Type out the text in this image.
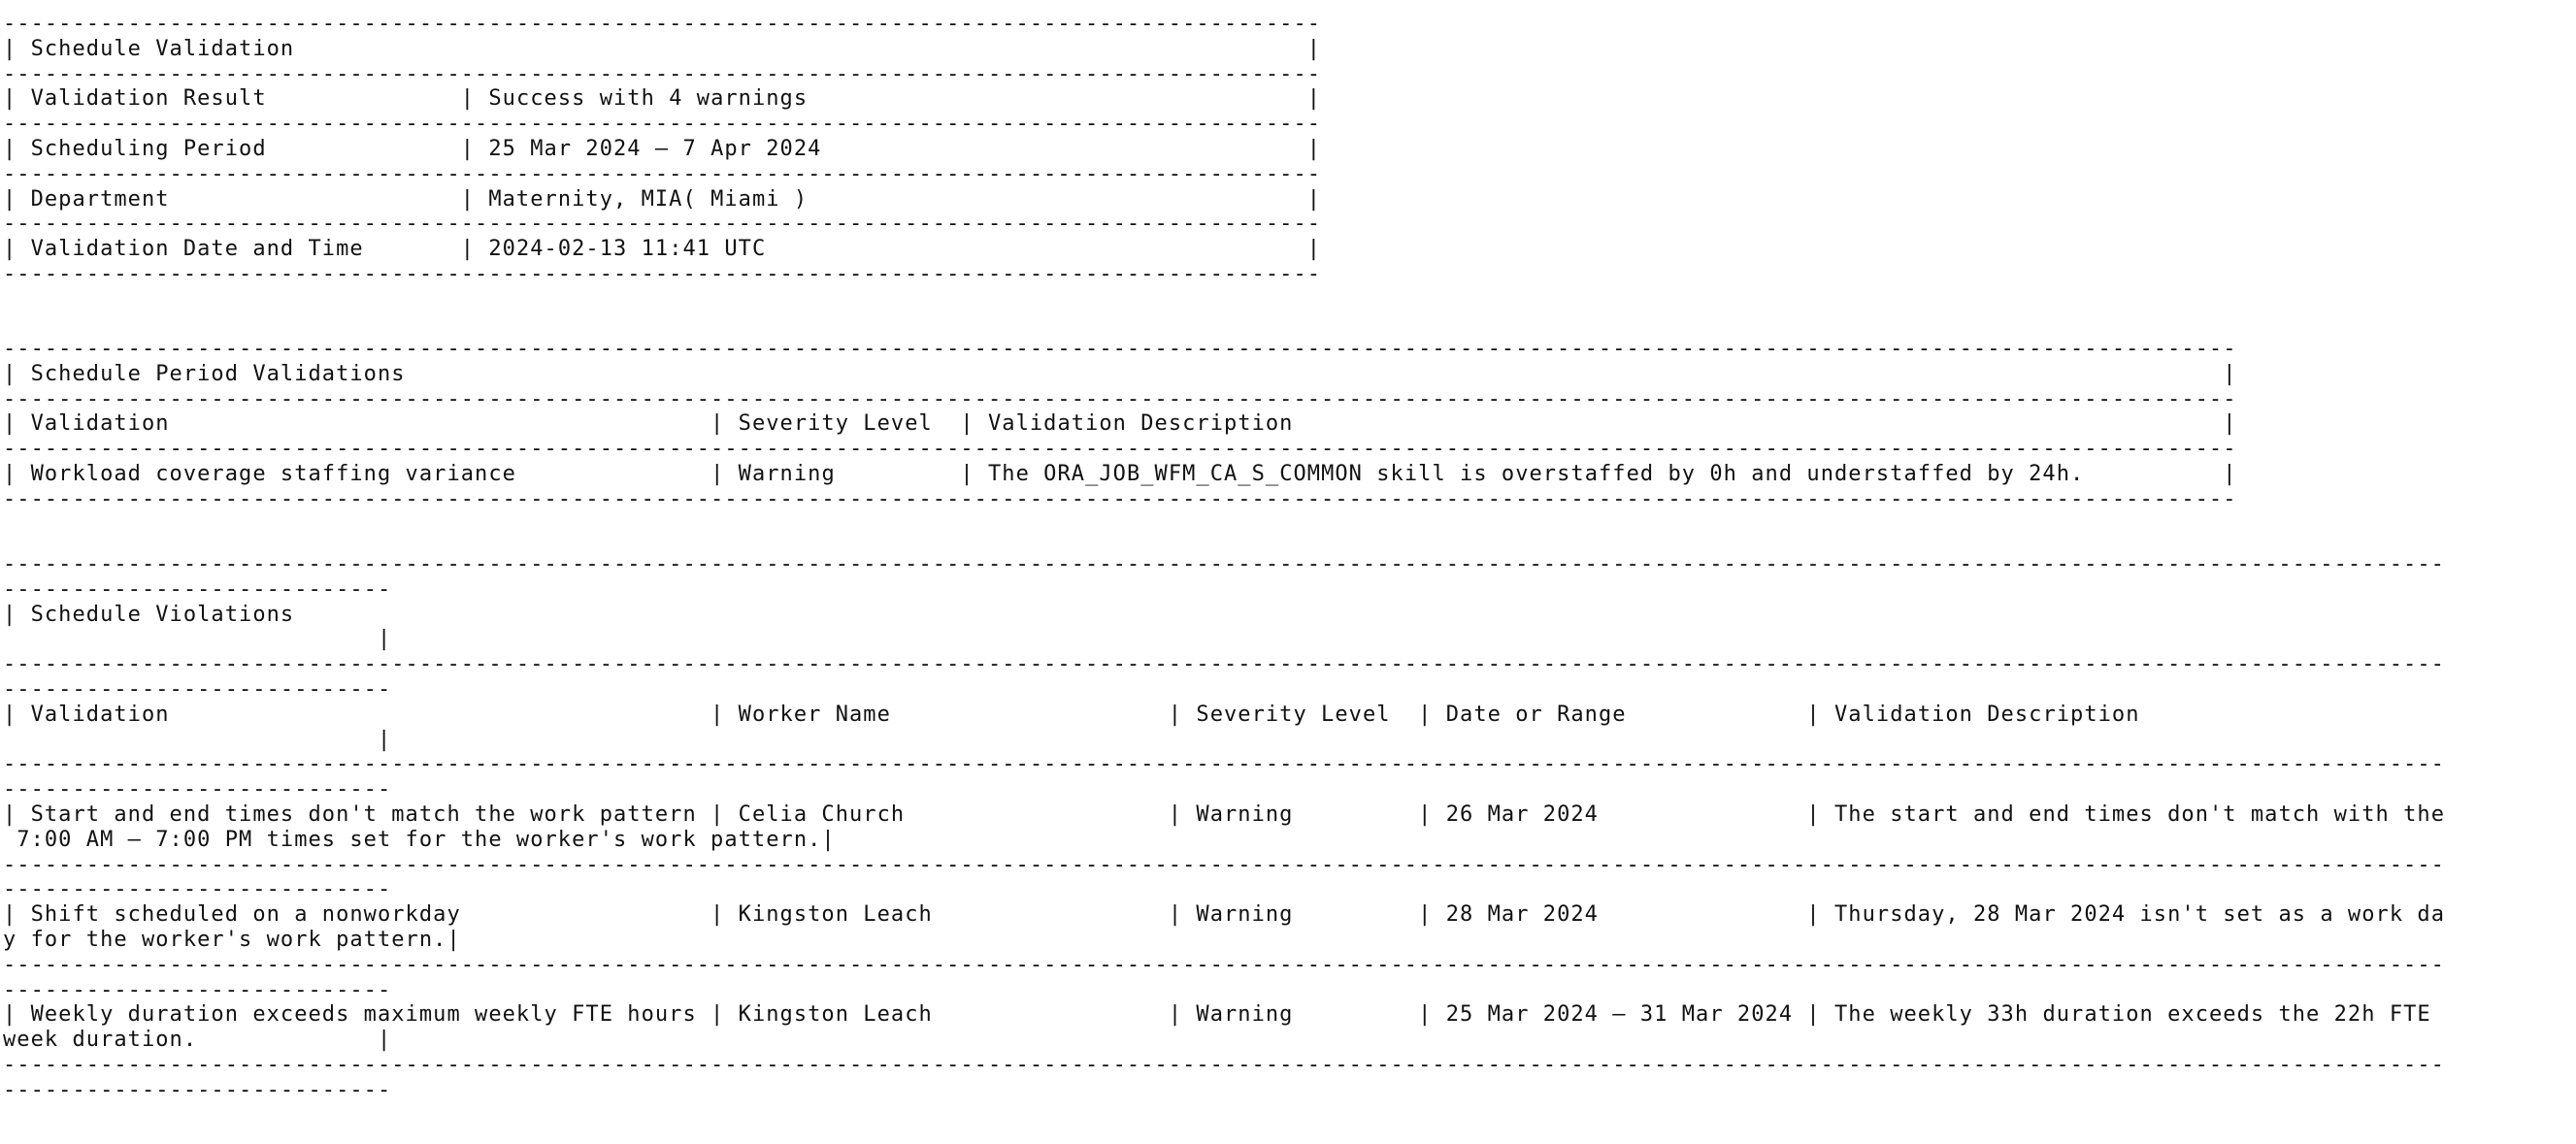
-----------------------------------------------------------------------------------------------
| Schedule Validation                                                                         |
-----------------------------------------------------------------------------------------------
| Validation Result              | Success with 4 warnings                                    |
-----------------------------------------------------------------------------------------------
| Scheduling Period              | 25 Mar 2024 – 7 Apr 2024                                   |
-----------------------------------------------------------------------------------------------
| Department                     | Maternity, MIA( Miami )                                    |
-----------------------------------------------------------------------------------------------
| Validation Date and Time       | 2024-02-13 11:41 UTC                                       |
-----------------------------------------------------------------------------------------------

-----------------------------------------------------------------------------------------------------------------------------------------------------------------
| Schedule Period Validations                                                                                                                                   |
-----------------------------------------------------------------------------------------------------------------------------------------------------------------
| Validation                                       | Severity Level  | Validation Description                                                                   |
-----------------------------------------------------------------------------------------------------------------------------------------------------------------
| Workload coverage staffing variance              | Warning         | The ORA_JOB_WFM_CA_S_COMMON skill is overstaffed by 0h and understaffed by 24h.          |
-----------------------------------------------------------------------------------------------------------------------------------------------------------------

--------------------------------------------------------------------------------------------------------------------------------------------------------------------------------
----------------------------
| Schedule Violations
|
--------------------------------------------------------------------------------------------------------------------------------------------------------------------------------
----------------------------
| Validation                                       | Worker Name                    | Severity Level  | Date or Range             | Validation Description
|
--------------------------------------------------------------------------------------------------------------------------------------------------------------------------------
----------------------------
| Start and end times don't match the work pattern | Celia Church                   | Warning         | 26 Mar 2024               | The start and end times don't match with the
7:00 AM – 7:00 PM times set for the worker's work pattern.|
--------------------------------------------------------------------------------------------------------------------------------------------------------------------------------
----------------------------
| Shift scheduled on a nonworkday                  | Kingston Leach                 | Warning         | 28 Mar 2024               | Thursday, 28 Mar 2024 isn't set as a work da
y for the worker's work pattern.|
--------------------------------------------------------------------------------------------------------------------------------------------------------------------------------
----------------------------
| Weekly duration exceeds maximum weekly FTE hours | Kingston Leach                 | Warning         | 25 Mar 2024 – 31 Mar 2024 | The weekly 33h duration exceeds the 22h FTE
week duration.             |
--------------------------------------------------------------------------------------------------------------------------------------------------------------------------------
----------------------------
